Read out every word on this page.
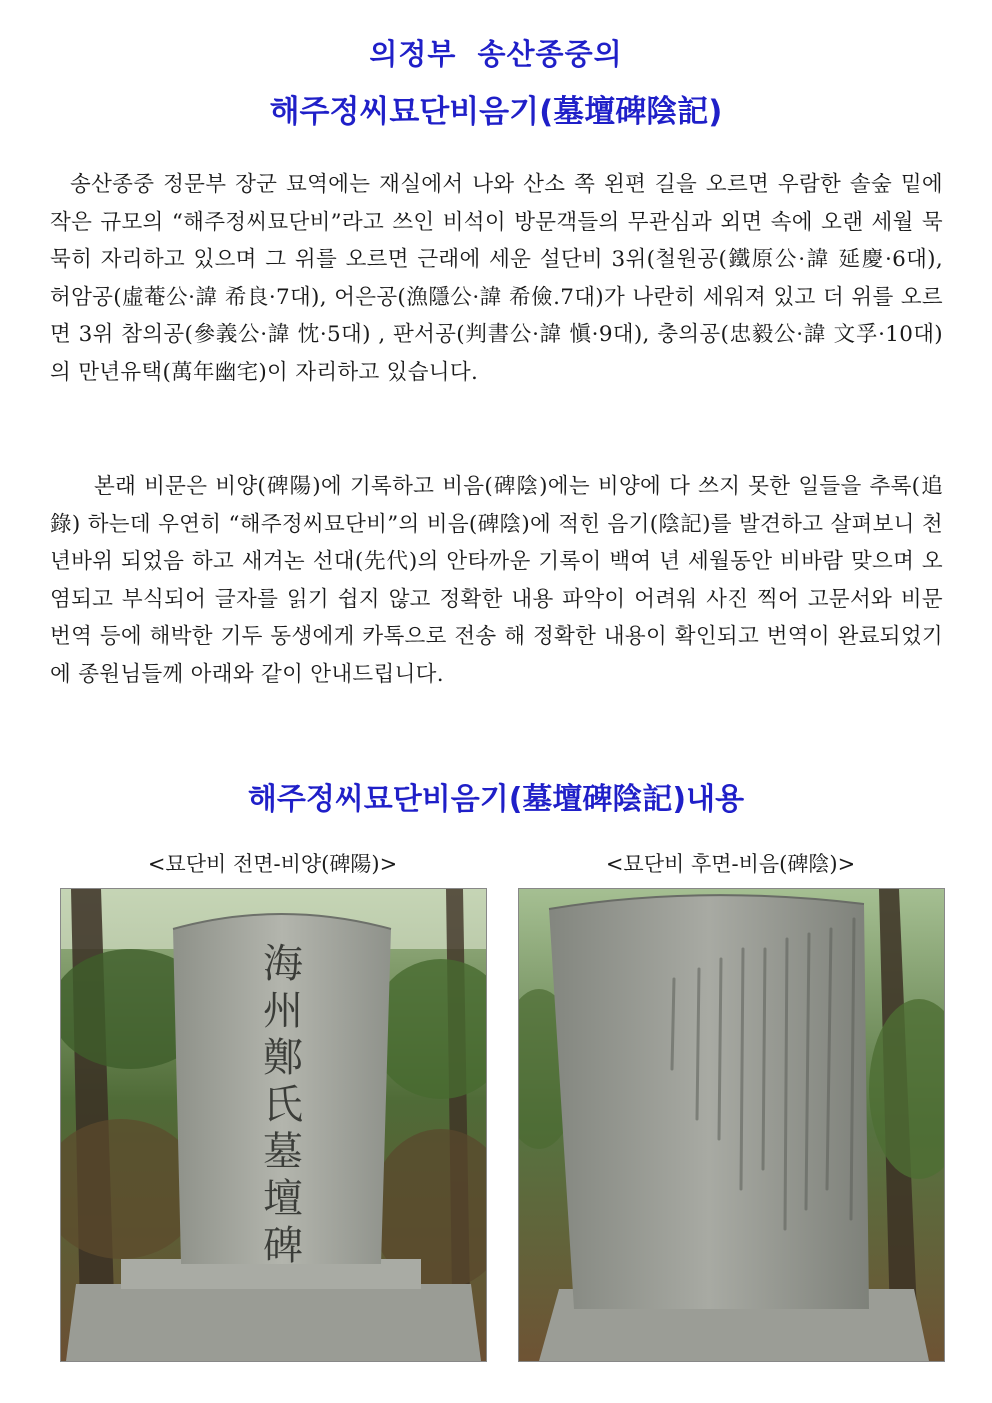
의정부 송산종중의
해주정씨묘단비음기(墓壇碑陰記)

송산종중 정문부 장군 묘역에는 재실에서 나와 산소 쪽 왼편 길을 오르면 우람한 솔숲 밑에 작은 규모의 “해주정씨묘단비”라고 쓰인 비석이 방문객들의 무관심과 외면 속에 오랜 세월 묵묵히 자리하고 있으며 그 위를 오르면 근래에 세운 설단비 3위(철원공(鐵原公·諱 延慶·6대), 허암공(虛菴公·諱 希良·7대), 어은공(漁隱公·諱 希儉.7대)가 나란히 세워져 있고 더 위를 오르면 3위 참의공(參義公·諱 忱·5대) , 판서공(判書公·諱 愼·9대), 충의공(忠毅公·諱 文孚·10대)의 만년유택(萬年幽宅)이 자리하고 있습니다.

본래 비문은 비양(碑陽)에 기록하고 비음(碑陰)에는 비양에 다 쓰지 못한 일들을 추록(追錄) 하는데 우연히 “해주정씨묘단비”의 비음(碑陰)에 적힌 음기(陰記)를 발견하고 살펴보니 천년바위 되었음 하고 새겨논 선대(先代)의 안타까운 기록이 백여 년 세월동안 비바람 맞으며 오염되고 부식되어 글자를 읽기 쉽지 않고 정확한 내용 파악이 어려워 사진 찍어 고문서와 비문 번역 등에 해박한 기두 동생에게 카톡으로 전송 해 정확한 내용이 확인되고 번역이 완료되었기에 종원님들께 아래와 같이 안내드립니다.

해주정씨묘단비음기(墓壇碑陰記)내용
<묘단비 전면-비양(碑陽)>	<묘단비 후면-비음(碑陰)>
海
州
鄭
氏
墓
壇
碑
